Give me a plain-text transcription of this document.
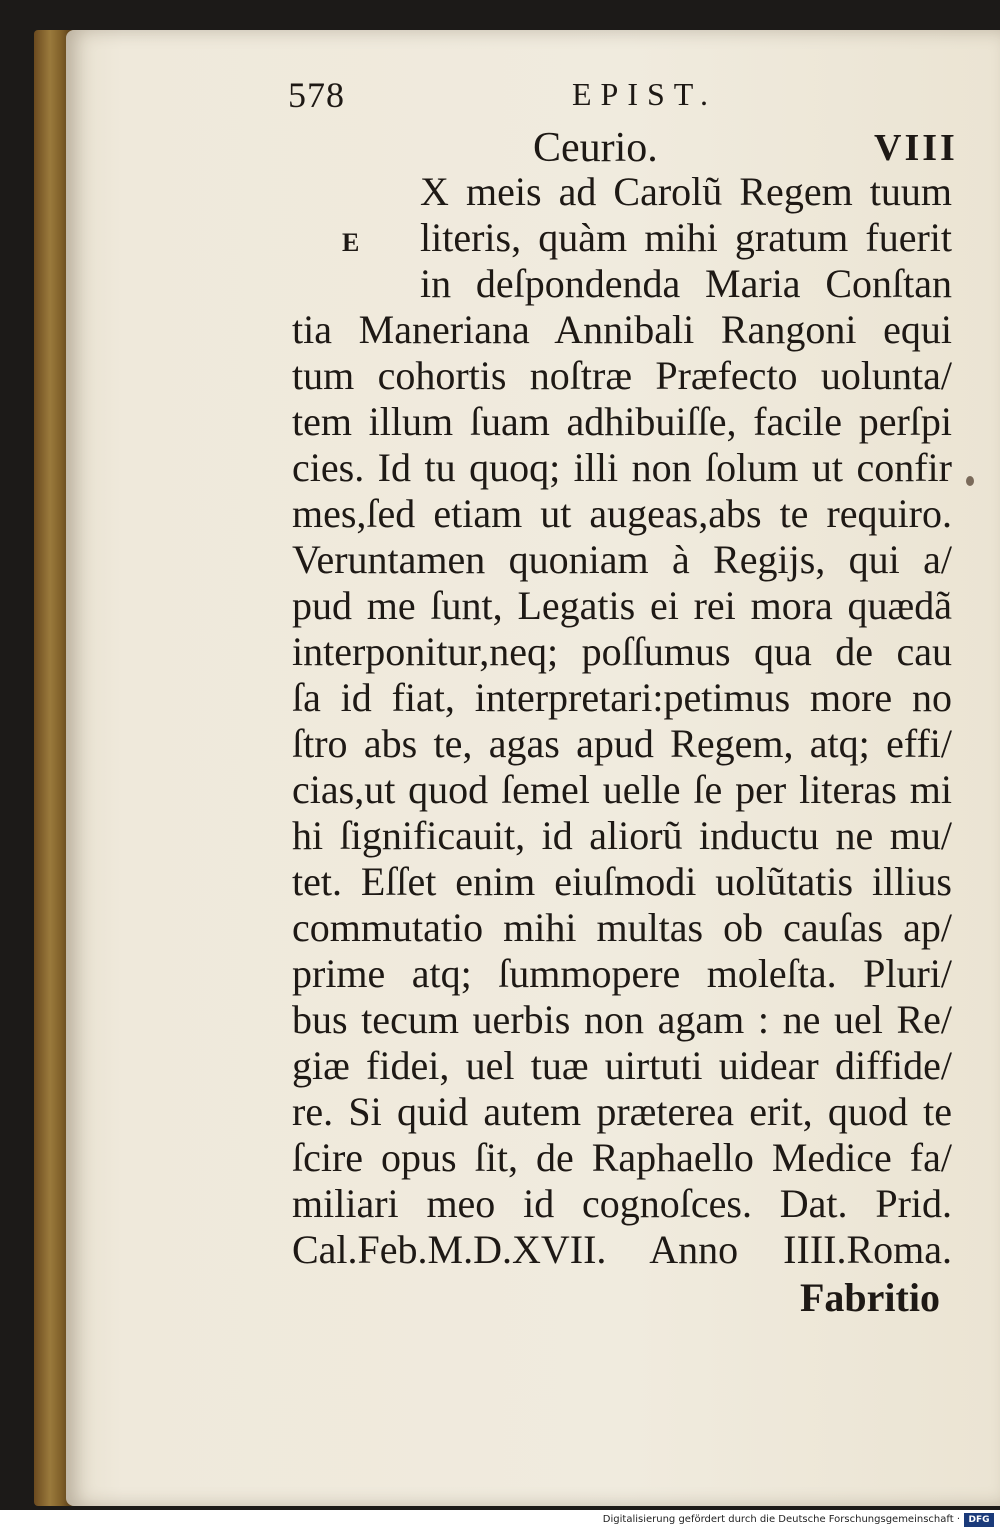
578	EPIST.
Ceurio.	VIII
E
X meis ad Carolũ Regem tuum
literis, quàm mihi gratum fuerit
in deſpondenda Maria Conſtan
tia Maneriana Annibali Rangoni equi
tum cohortis noſtræ Præfecto uolunta/
tem illum ſuam adhibuiſſe, facile perſpi
cies. Id tu quoq; illi non ſolum ut confir
mes,ſed etiam ut augeas,abs te requiro.
Veruntamen quoniam à Regijs, qui a/
pud me ſunt, Legatis ei rei mora quædã
interponitur,neq; poſſumus qua de cau
ſa id fiat, interpretari:petimus more no
ſtro abs te, agas apud Regem, atq; effi/
cias,ut quod ſemel uelle ſe per literas mi
hi ſignificauit, id aliorũ inductu ne mu/
tet. Eſſet enim eiuſmodi uolũtatis illius
commutatio mihi multas ob cauſas ap/
prime atq; ſummopere moleſta. Pluri/
bus tecum uerbis non agam : ne uel Re/
giæ fidei, uel tuæ uirtuti uidear diffide/
re. Si quid autem præterea erit, quod te
ſcire opus ſit, de Raphaello Medice fa/
miliari meo id cognoſces. Dat. Prid.
Cal.Feb.M.D.XVII. Anno IIII.Roma.
Fabritio
Digitalisierung gefördert durch die Deutsche Forschungsgemeinschaft · DFG
